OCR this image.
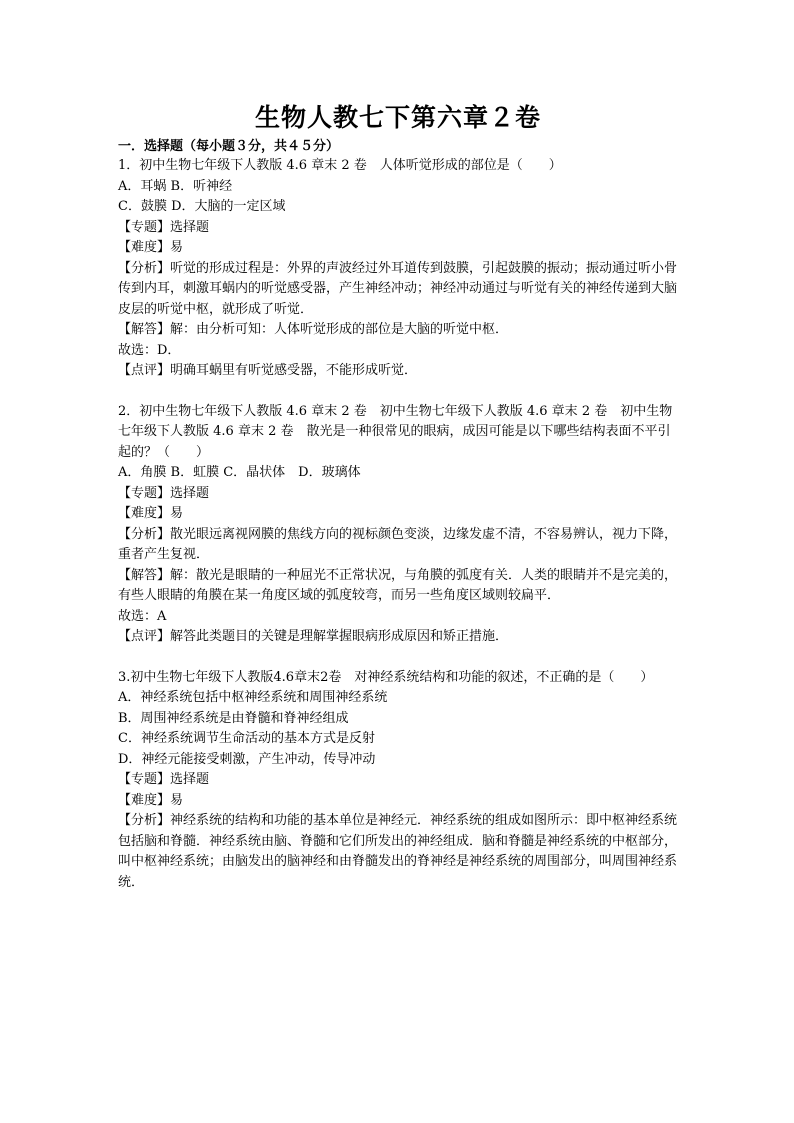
生物人教七下第六章２卷
一．选择题（每小题３分，共４５分）
1．初中生物七年级下人教版 4.6 章末 2 卷　人体听觉形成的部位是（　　）
A．耳蜗 B．听神经
C．鼓膜 D．大脑的一定区域
【专题】选择题
【难度】易
【分析】听觉的形成过程是：外界的声波经过外耳道传到鼓膜，引起鼓膜的振动；振动通过听小骨传到内耳，刺激耳蜗内的听觉感受器，产生神经冲动；神经冲动通过与听觉有关的神经传递到大脑皮层的听觉中枢，就形成了听觉．
【解答】解：由分析可知：人体听觉形成的部位是大脑的听觉中枢．
故选：D．
【点评】明确耳蜗里有听觉感受器，不能形成听觉．
2．初中生物七年级下人教版 4.6 章末 2 卷　初中生物七年级下人教版 4.6 章末 2 卷　初中生物七年级下人教版 4.6 章末 2 卷　散光是一种很常见的眼病，成因可能是以下哪些结构表面不平引起的？（　　）
A．角膜 B．虹膜 C．晶状体　D．玻璃体
【专题】选择题
【难度】易
【分析】散光眼远离视网膜的焦线方向的视标颜色变淡，边缘发虚不清，不容易辨认，视力下降，重者产生复视．
【解答】解：散光是眼睛的一种屈光不正常状况，与角膜的弧度有关．人类的眼睛并不是完美的，有些人眼睛的角膜在某一角度区域的弧度较弯，而另一些角度区域则较扁平．
故选：A
【点评】解答此类题目的关键是理解掌握眼病形成原因和矫正措施．
3.初中生物七年级下人教版4.6章末2卷　对神经系统结构和功能的叙述，不正确的是（　　）
A．神经系统包括中枢神经系统和周围神经系统
B．周围神经系统是由脊髓和脊神经组成
C．神经系统调节生命活动的基本方式是反射
D．神经元能接受刺激，产生冲动，传导冲动
【专题】选择题
【难度】易
【分析】神经系统的结构和功能的基本单位是神经元．神经系统的组成如图所示：即中枢神经系统包括脑和脊髓．神经系统由脑、脊髓和它们所发出的神经组成．脑和脊髓是神经系统的中枢部分，叫中枢神经系统；由脑发出的脑神经和由脊髓发出的脊神经是神经系统的周围部分，叫周围神经系统．
